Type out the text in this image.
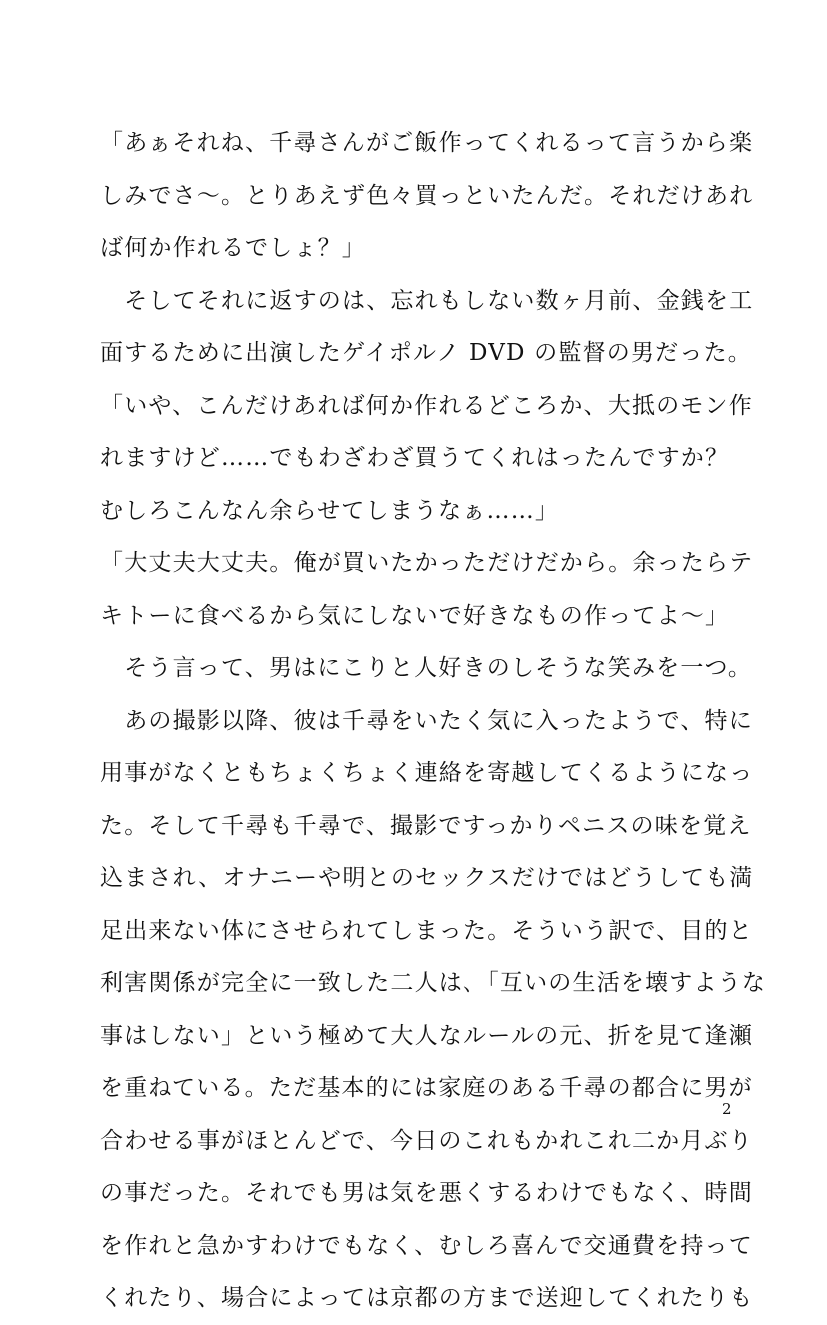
「あぁそれね、千尋さんがご飯作ってくれるって言うから楽
しみでさ〜。とりあえず色々買っといたんだ。それだけあれ
ば何か作れるでしょ？」
　そしてそれに返すのは、忘れもしない数ヶ月前、金銭を工
面するために出演したゲイポルノ DVD の監督の男だった。
「いや、こんだけあれば何か作れるどころか、大抵のモン作
れますけど……でもわざわざ買うてくれはったんですか？
むしろこんなん余らせてしまうなぁ……」
「大丈夫大丈夫。俺が買いたかっただけだから。余ったらテ
キトーに食べるから気にしないで好きなもの作ってよ〜」
　そう言って、男はにこりと人好きのしそうな笑みを一つ。
　あの撮影以降、彼は千尋をいたく気に入ったようで、特に
用事がなくともちょくちょく連絡を寄越してくるようになっ
た。そして千尋も千尋で、撮影ですっかりペニスの味を覚え
込まされ、オナニーや明とのセックスだけではどうしても満
足出来ない体にさせられてしまった。そういう訳で、目的と
利害関係が完全に一致した二人は､「互いの生活を壊すような
事はしない」という極めて大人なルールの元、折を見て逢瀬
を重ねている。ただ基本的には家庭のある千尋の都合に男が
合わせる事がほとんどで、今日のこれもかれこれ二か月ぶり
の事だった。それでも男は気を悪くするわけでもなく、時間
を作れと急かすわけでもなく、むしろ喜んで交通費を持って
くれたり、場合によっては京都の方まで送迎してくれたりも
2
